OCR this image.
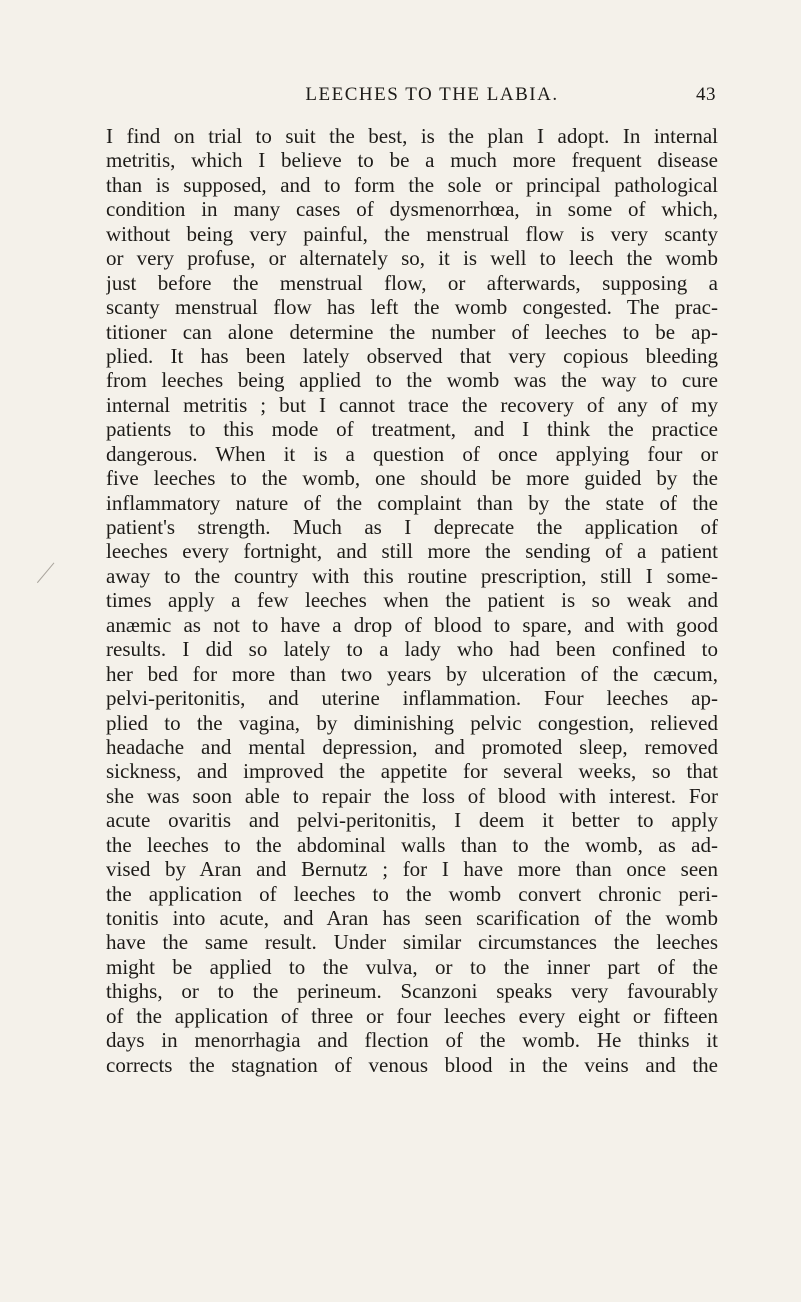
LEECHES TO THE LABIA.	43
I find on trial to suit the best, is the plan I adopt. In internal
metritis, which I believe to be a much more frequent disease
than is supposed, and to form the sole or principal pathological
condition in many cases of dysmenorrhœa, in some of which,
without being very painful, the menstrual flow is very scanty
or very profuse, or alternately so, it is well to leech the womb
just before the menstrual flow, or afterwards, supposing a
scanty menstrual flow has left the womb congested. The prac-
titioner can alone determine the number of leeches to be ap-
plied. It has been lately observed that very copious bleeding
from leeches being applied to the womb was the way to cure
internal metritis ; but I cannot trace the recovery of any of my
patients to this mode of treatment, and I think the practice
dangerous. When it is a question of once applying four or
five leeches to the womb, one should be more guided by the
inflammatory nature of the complaint than by the state of the
patient's strength. Much as I deprecate the application of
leeches every fortnight, and still more the sending of a patient
away to the country with this routine prescription, still I some-
times apply a few leeches when the patient is so weak and
anæmic as not to have a drop of blood to spare, and with good
results. I did so lately to a lady who had been confined to
her bed for more than two years by ulceration of the cæcum,
pelvi-peritonitis, and uterine inflammation. Four leeches ap-
plied to the vagina, by diminishing pelvic congestion, relieved
headache and mental depression, and promoted sleep, removed
sickness, and improved the appetite for several weeks, so that
she was soon able to repair the loss of blood with interest. For
acute ovaritis and pelvi-peritonitis, I deem it better to apply
the leeches to the abdominal walls than to the womb, as ad-
vised by Aran and Bernutz ; for I have more than once seen
the application of leeches to the womb convert chronic peri-
tonitis into acute, and Aran has seen scarification of the womb
have the same result. Under similar circumstances the leeches
might be applied to the vulva, or to the inner part of the
thighs, or to the perineum. Scanzoni speaks very favourably
of the application of three or four leeches every eight or fifteen
days in menorrhagia and flection of the womb. He thinks it
corrects the stagnation of venous blood in the veins and the
